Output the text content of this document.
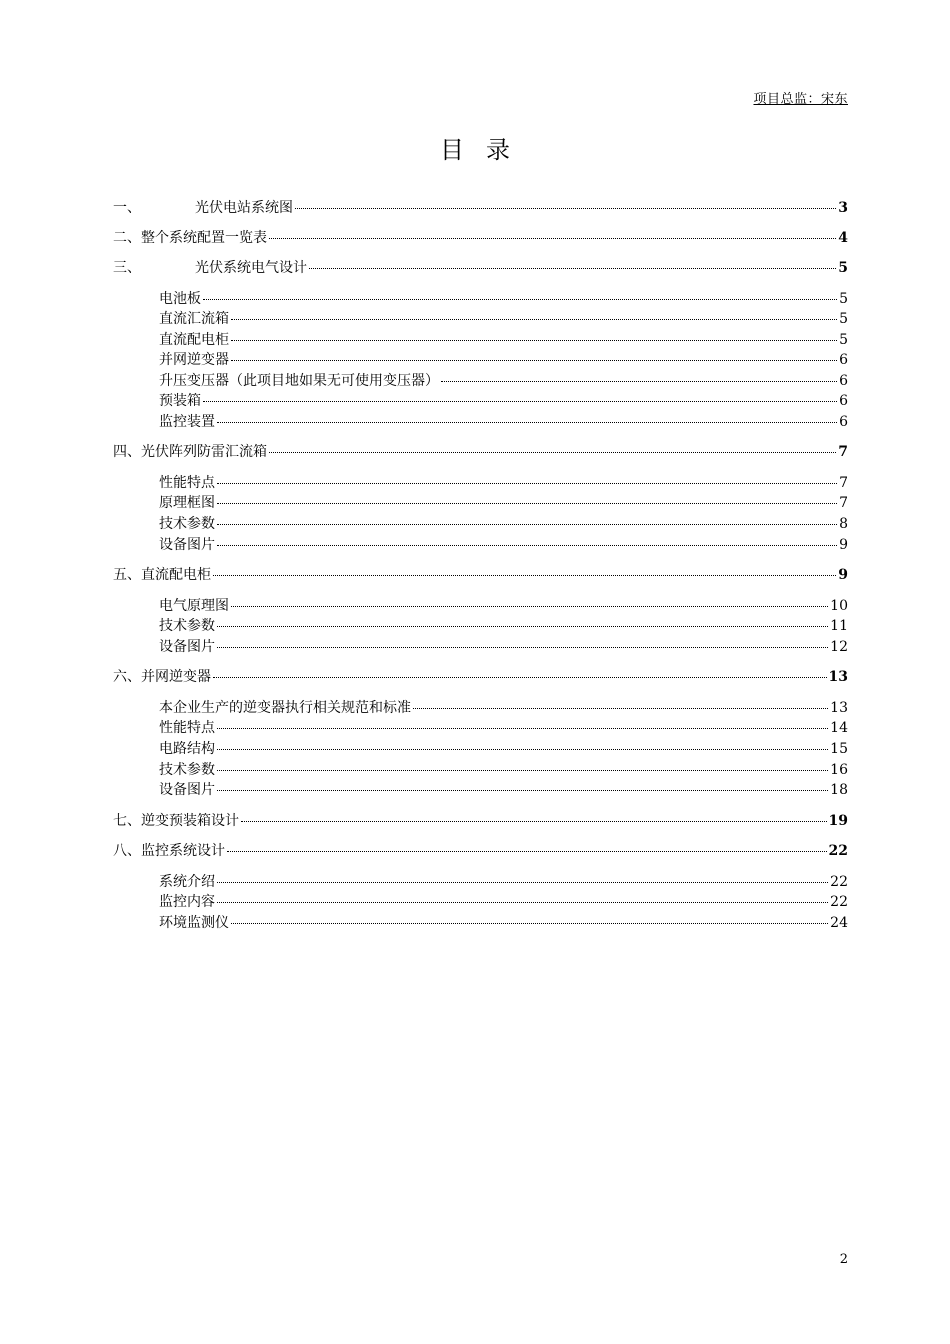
项目总监：宋东
目录
一、	光伏电站系统图	3
二、 整个系统配置一览表	4
三、	光伏系统电气设计	5
电池板	5
直流汇流箱	5
直流配电柜	5
并网逆变器	6
升压变压器（此项目地如果无可使用变压器）	6
预装箱	6
监控装置	6
四、 光伏阵列防雷汇流箱	7
性能特点	7
原理框图	7
技术参数	8
设备图片	9
五、 直流配电柜	9
电气原理图	10
技术参数	11
设备图片	12
六、 并网逆变器	13
本企业生产的逆变器执行相关规范和标准	13
性能特点	14
电路结构	15
技术参数	16
设备图片	18
七、 逆变预装箱设计	19
八、 监控系统设计	22
系统介绍	22
监控内容	22
环境监测仪	24
2
